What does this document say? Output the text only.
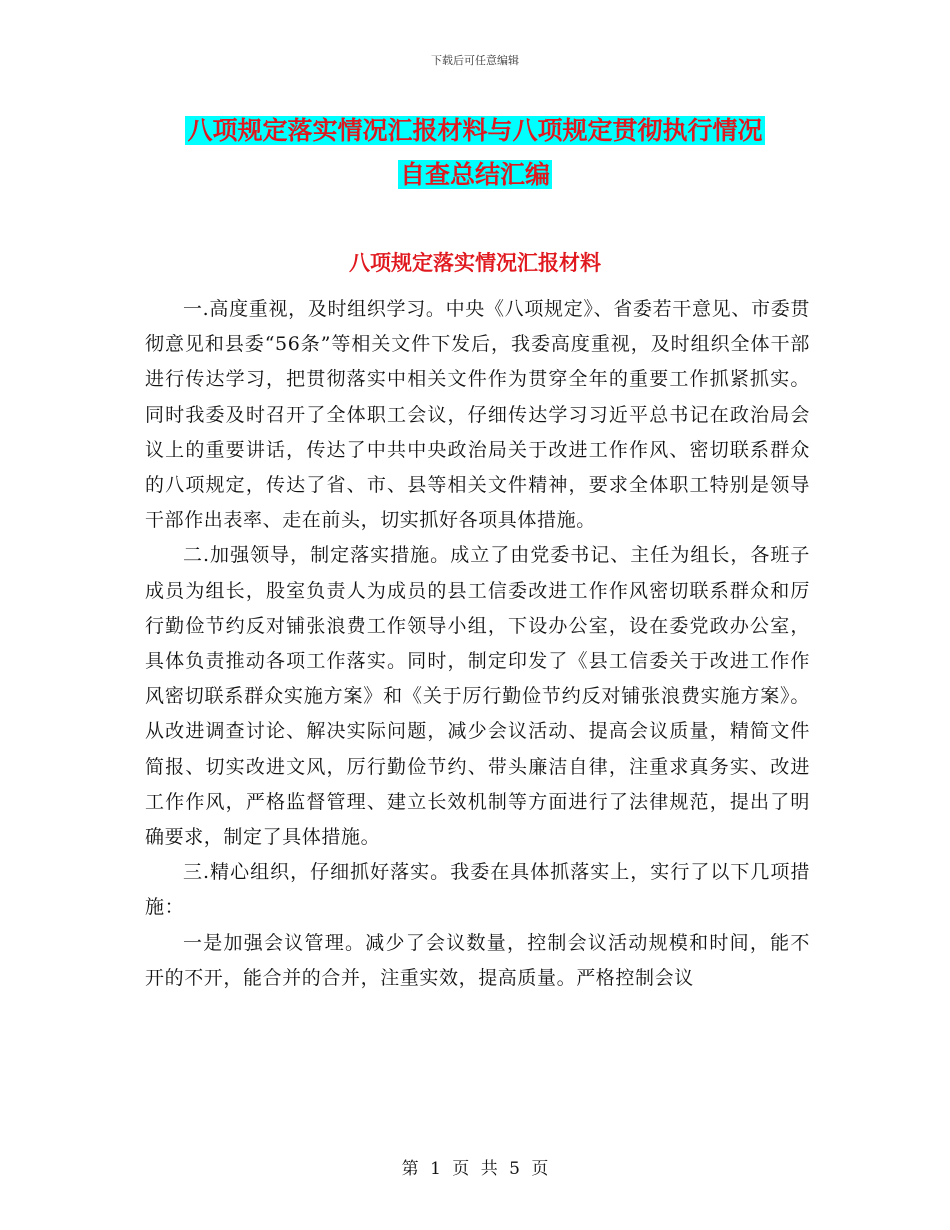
下载后可任意编辑
八项规定落实情况汇报材料与八项规定贯彻执行情况
自查总结汇编
八项规定落实情况汇报材料

一.高度重视，及时组织学习。中央《八项规定》、省委若干意见、市委贯彻意见和县委“56条”等相关文件下发后，我委高度重视，及时组织全体干部进行传达学习，把贯彻落实中相关文件作为贯穿全年的重要工作抓紧抓实。同时我委及时召开了全体职工会议，仔细传达学习习近平总书记在政治局会议上的重要讲话，传达了中共中央政治局关于改进工作作风、密切联系群众的八项规定，传达了省、市、县等相关文件精神，要求全体职工特别是领导干部作出表率、走在前头，切实抓好各项具体措施。

二.加强领导，制定落实措施。成立了由党委书记、主任为组长，各班子成员为组长，股室负责人为成员的县工信委改进工作作风密切联系群众和厉行勤俭节约反对铺张浪费工作领导小组，下设办公室，设在委党政办公室，具体负责推动各项工作落实。同时，制定印发了《县工信委关于改进工作作风密切联系群众实施方案》和《关于厉行勤俭节约反对铺张浪费实施方案》。从改进调查讨论、解决实际问题，减少会议活动、提高会议质量，精简文件简报、切实改进文风，厉行勤俭节约、带头廉洁自律，注重求真务实、改进工作作风，严格监督管理、建立长效机制等方面进行了法律规范，提出了明确要求，制定了具体措施。

三.精心组织，仔细抓好落实。我委在具体抓落实上，实行了以下几项措施：

一是加强会议管理。减少了会议数量，控制会议活动规模和时间，能不开的不开，能合并的合并，注重实效，提高质量。严格控制会议

第 1 页 共 5 页
